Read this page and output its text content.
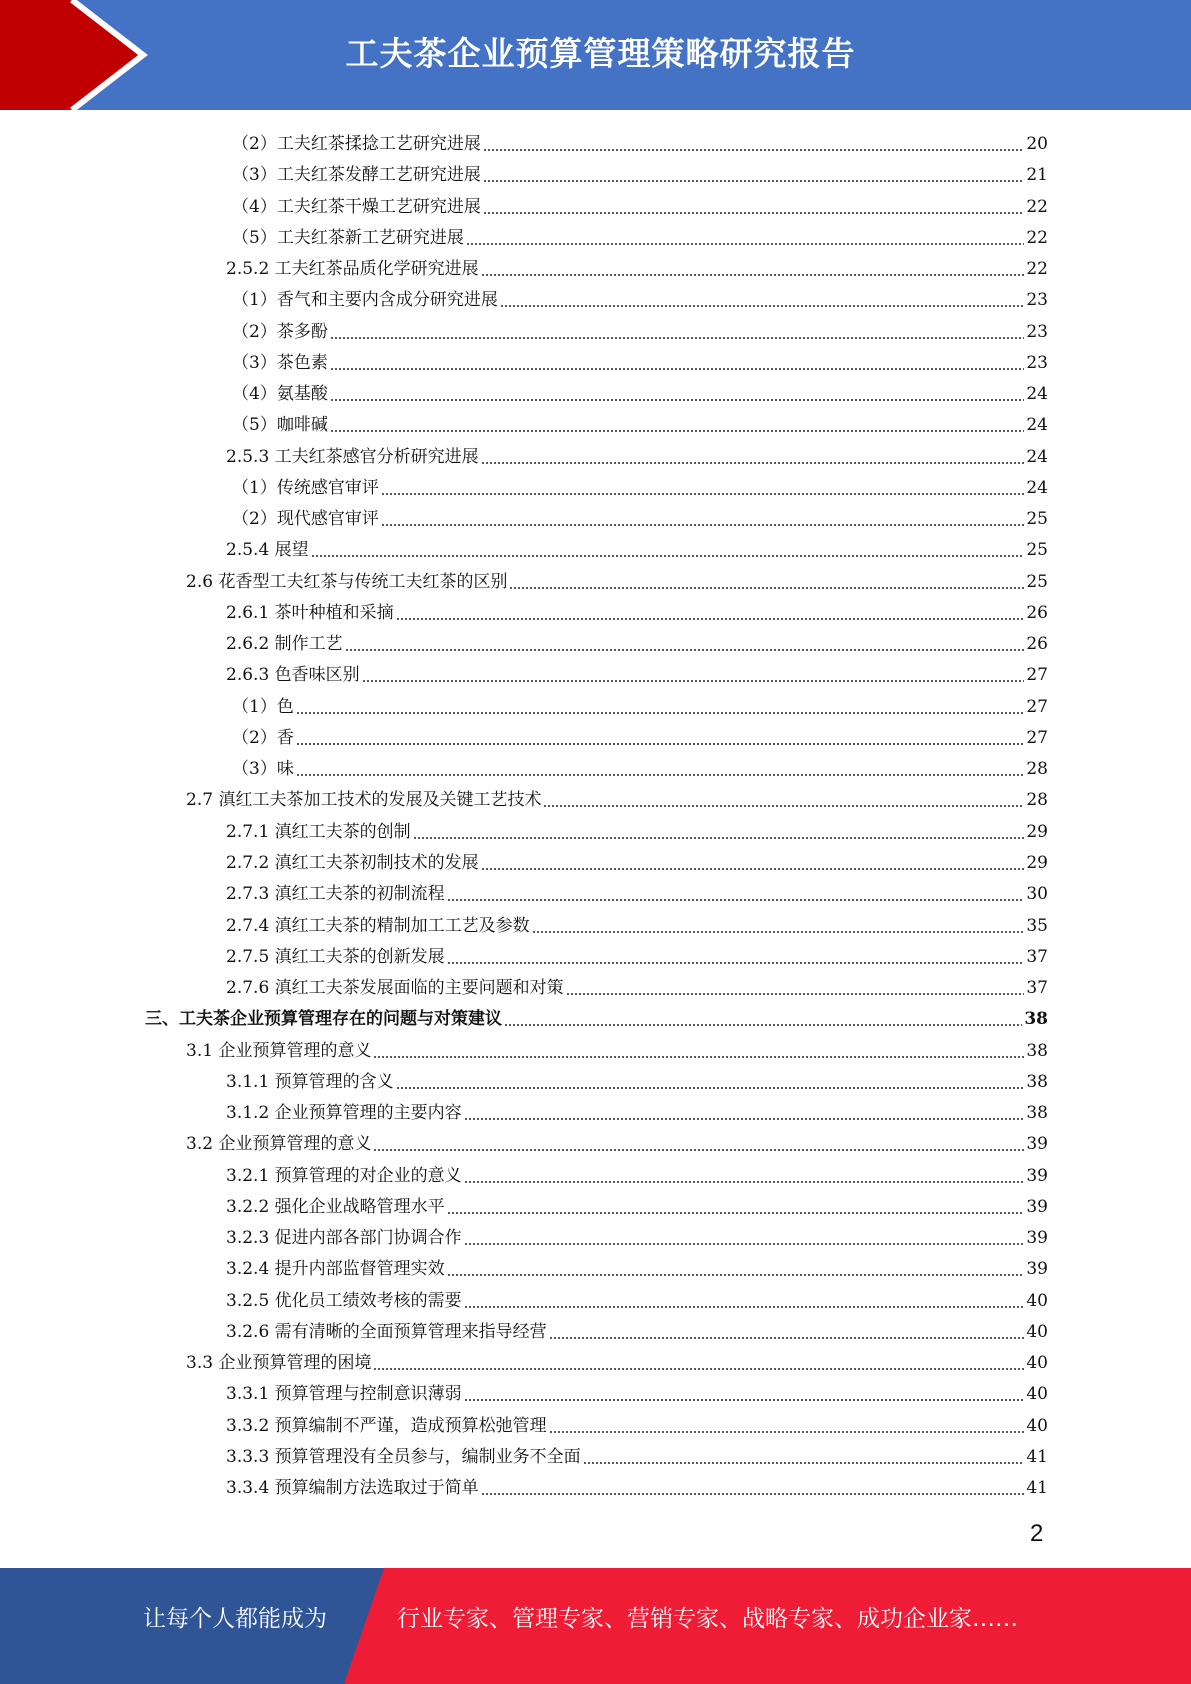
工夫茶企业预算管理策略研究报告
（2）工夫红茶揉捻工艺研究进展	20
（3）工夫红茶发酵工艺研究进展	21
（4）工夫红茶干燥工艺研究进展	22
（5）工夫红茶新工艺研究进展	22
2.5.2 工夫红茶品质化学研究进展	22
（1）香气和主要内含成分研究进展	23
（2）茶多酚	23
（3）茶色素	23
（4）氨基酸	24
（5）咖啡碱	24
2.5.3 工夫红茶感官分析研究进展	24
（1）传统感官审评	24
（2）现代感官审评	25
2.5.4 展望	25
2.6 花香型工夫红茶与传统工夫红茶的区别	25
2.6.1 茶叶种植和采摘	26
2.6.2 制作工艺	26
2.6.3 色香味区别	27
（1）色	27
（2）香	27
（3）味	28
2.7 滇红工夫茶加工技术的发展及关键工艺技术	28
2.7.1 滇红工夫茶的创制	29
2.7.2 滇红工夫茶初制技术的发展	29
2.7.3 滇红工夫茶的初制流程	30
2.7.4 滇红工夫茶的精制加工工艺及参数	35
2.7.5 滇红工夫茶的创新发展	37
2.7.6 滇红工夫茶发展面临的主要问题和对策	37
三、工夫茶企业预算管理存在的问题与对策建议	38
3.1 企业预算管理的意义	38
3.1.1 预算管理的含义	38
3.1.2 企业预算管理的主要内容	38
3.2 企业预算管理的意义	39
3.2.1 预算管理的对企业的意义	39
3.2.2 强化企业战略管理水平	39
3.2.3 促进内部各部门协调合作	39
3.2.4 提升内部监督管理实效	39
3.2.5 优化员工绩效考核的需要	40
3.2.6 需有清晰的全面预算管理来指导经营	40
3.3 企业预算管理的困境	40
3.3.1 预算管理与控制意识薄弱	40
3.3.2 预算编制不严谨，造成预算松弛管理	40
3.3.3 预算管理没有全员参与，编制业务不全面	41
3.3.4 预算编制方法选取过于简单	41
2
让每个人都能成为	行业专家、管理专家、营销专家、战略专家、成功企业家……
